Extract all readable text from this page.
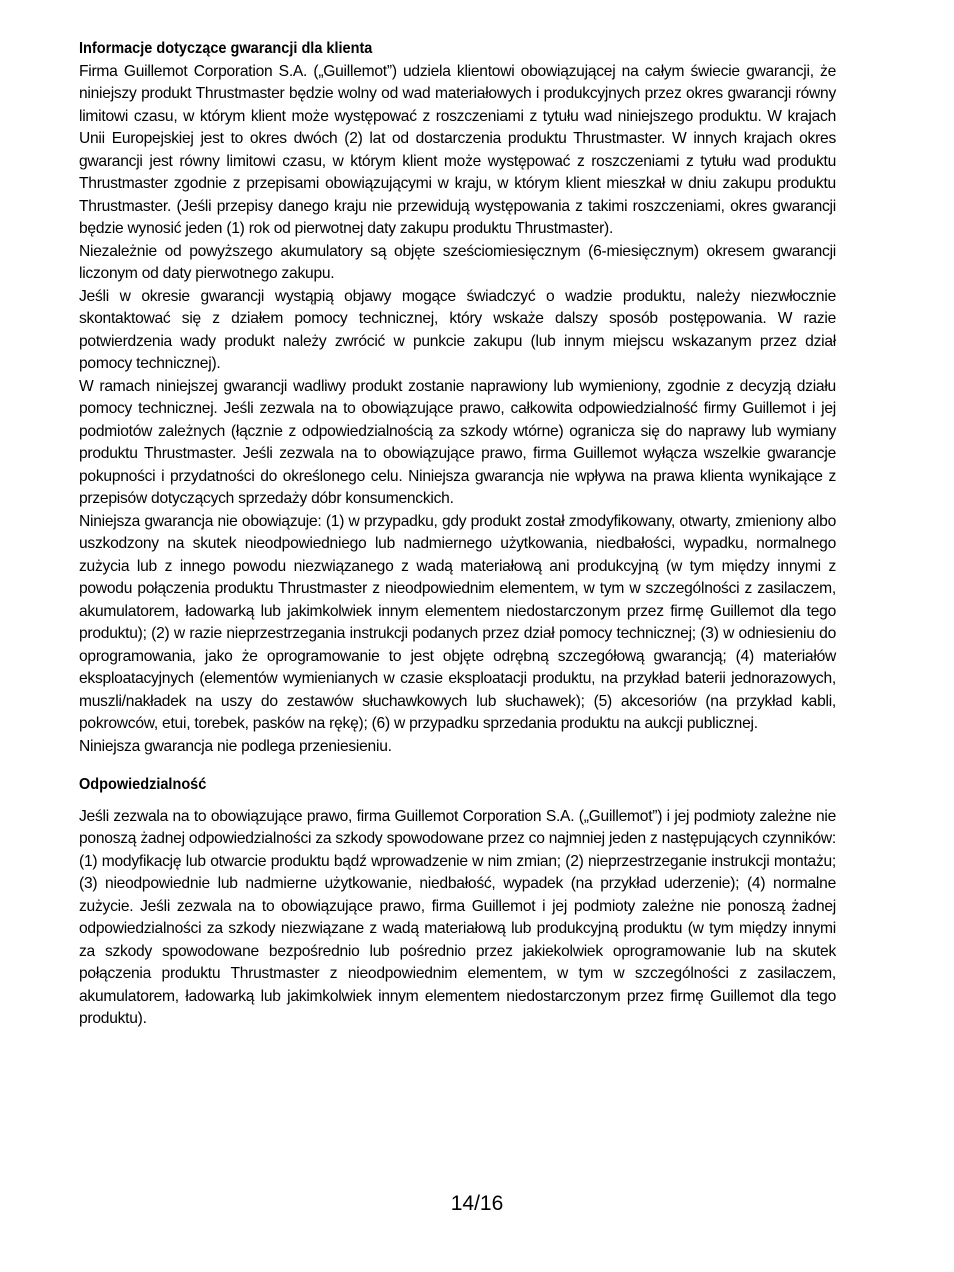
Informacje dotyczące gwarancji dla klienta

Firma Guillemot Corporation S.A. („Guillemot”) udziela klientowi obowiązującej na całym świecie gwarancji, że niniejszy produkt Thrustmaster będzie wolny od wad materiałowych i produkcyjnych przez okres gwarancji równy limitowi czasu, w którym klient może występować z roszczeniami z tytułu wad niniejszego produktu. W krajach Unii Europejskiej jest to okres dwóch (2) lat od dostarczenia produktu Thrustmaster. W innych krajach okres gwarancji jest równy limitowi czasu, w którym klient może występować z roszczeniami z tytułu wad produktu Thrustmaster zgodnie z przepisami obowiązującymi w kraju, w którym klient mieszkał w dniu zakupu produktu Thrustmaster. (Jeśli przepisy danego kraju nie przewidują występowania z takimi roszczeniami, okres gwarancji będzie wynosić jeden (1) rok od pierwotnej daty zakupu produktu Thrustmaster).

Niezależnie od powyższego akumulatory są objęte sześciomiesięcznym (6-miesięcznym) okresem gwarancji liczonym od daty pierwotnego zakupu.

Jeśli w okresie gwarancji wystąpią objawy mogące świadczyć o wadzie produktu, należy niezwłocznie skontaktować się z działem pomocy technicznej, który wskaże dalszy sposób postępowania. W razie potwierdzenia wady produkt należy zwrócić w punkcie zakupu (lub innym miejscu wskazanym przez dział pomocy technicznej).

W ramach niniejszej gwarancji wadliwy produkt zostanie naprawiony lub wymieniony, zgodnie z decyzją działu pomocy technicznej. Jeśli zezwala na to obowiązujące prawo, całkowita odpowiedzialność firmy Guillemot i jej podmiotów zależnych (łącznie z odpowiedzialnością za szkody wtórne) ogranicza się do naprawy lub wymiany produktu Thrustmaster. Jeśli zezwala na to obowiązujące prawo, firma Guillemot wyłącza wszelkie gwarancje pokupności i przydatności do określonego celu. Niniejsza gwarancja nie wpływa na prawa klienta wynikające z przepisów dotyczących sprzedaży dóbr konsumenckich.

Niniejsza gwarancja nie obowiązuje: (1) w przypadku, gdy produkt został zmodyfikowany, otwarty, zmieniony albo uszkodzony na skutek nieodpowiedniego lub nadmiernego użytkowania, niedbałości, wypadku, normalnego zużycia lub z innego powodu niezwiązanego z wadą materiałową ani produkcyjną (w tym między innymi z powodu połączenia produktu Thrustmaster z nieodpowiednim elementem, w tym w szczególności z zasilaczem, akumulatorem, ładowarką lub jakimkolwiek innym elementem niedostarczonym przez firmę Guillemot dla tego produktu); (2) w razie nieprzestrzegania instrukcji podanych przez dział pomocy technicznej; (3) w odniesieniu do oprogramowania, jako że oprogramowanie to jest objęte odrębną szczegółową gwarancją; (4) materiałów eksploatacyjnych (elementów wymienianych w czasie eksploatacji produktu, na przykład baterii jednorazowych, muszli/nakładek na uszy do zestawów słuchawkowych lub słuchawek); (5) akcesoriów (na przykład kabli, pokrowców, etui, torebek, pasków na rękę); (6) w przypadku sprzedania produktu na aukcji publicznej.

Niniejsza gwarancja nie podlega przeniesieniu.

Odpowiedzialność

Jeśli zezwala na to obowiązujące prawo, firma Guillemot Corporation S.A. („Guillemot”) i jej podmioty zależne nie ponoszą żadnej odpowiedzialności za szkody spowodowane przez co najmniej jeden z następujących czynników: (1) modyfikację lub otwarcie produktu bądź wprowadzenie w nim zmian; (2) nieprzestrzeganie instrukcji montażu; (3) nieodpowiednie lub nadmierne użytkowanie, niedbałość, wypadek (na przykład uderzenie); (4) normalne zużycie. Jeśli zezwala na to obowiązujące prawo, firma Guillemot i jej podmioty zależne nie ponoszą żadnej odpowiedzialności za szkody niezwiązane z wadą materiałową lub produkcyjną produktu (w tym między innymi za szkody spowodowane bezpośrednio lub pośrednio przez jakiekolwiek oprogramowanie lub na skutek połączenia produktu Thrustmaster z nieodpowiednim elementem, w tym w szczególności z zasilaczem, akumulatorem, ładowarką lub jakimkolwiek innym elementem niedostarczonym przez firmę Guillemot dla tego produktu).

14/16
